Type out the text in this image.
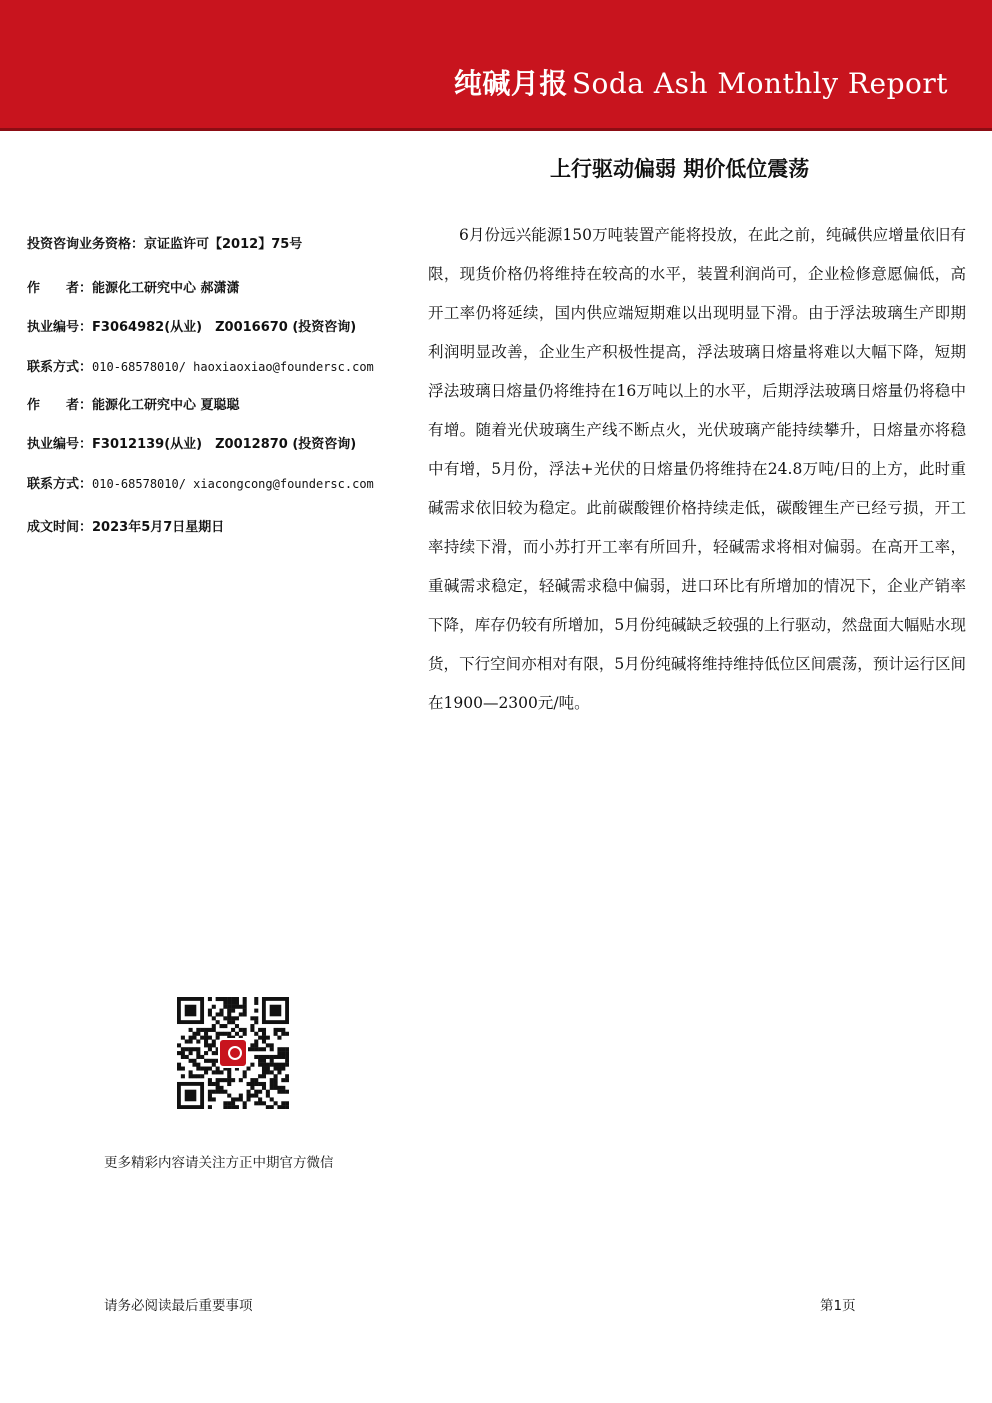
纯碱月报 Soda Ash Monthly Report
上行驱动偏弱 期价低位震荡
投资咨询业务资格：京证监许可【2012】75号
作　　者：能源化工研究中心 郝潇潇
执业编号：F3064982(从业)　Z0016670 (投资咨询)
联系方式：010-68578010/ haoxiaoxiao@foundersc.com
作　　者：能源化工研究中心 夏聪聪
执业编号：F3012139(从业)　Z0012870 (投资咨询)
联系方式：010-68578010/ xiacongcong@foundersc.com
成文时间：2023年5月7日星期日
6月份远兴能源150万吨装置产能将投放，在此之前，纯碱供应增量依旧有限，现货价格仍将维持在较高的水平，装置利润尚可，企业检修意愿偏低，高开工率仍将延续，国内供应端短期难以出现明显下滑。由于浮法玻璃生产即期利润明显改善，企业生产积极性提高，浮法玻璃日熔量将难以大幅下降，短期浮法玻璃日熔量仍将维持在16万吨以上的水平，后期浮法玻璃日熔量仍将稳中有增。随着光伏玻璃生产线不断点火，光伏玻璃产能持续攀升，日熔量亦将稳中有增，5月份，浮法+光伏的日熔量仍将维持在24.8万吨/日的上方，此时重碱需求依旧较为稳定。此前碳酸锂价格持续走低，碳酸锂生产已经亏损，开工率持续下滑，而小苏打开工率有所回升，轻碱需求将相对偏弱。在高开工率，重碱需求稳定，轻碱需求稳中偏弱，进口环比有所增加的情况下，企业产销率下降，库存仍较有所增加，5月份纯碱缺乏较强的上行驱动，然盘面大幅贴水现货，下行空间亦相对有限，5月份纯碱将维持维持低位区间震荡，预计运行区间在1900—2300元/吨。
更多精彩内容请关注方正中期官方微信
请务必阅读最后重要事项	第1页
